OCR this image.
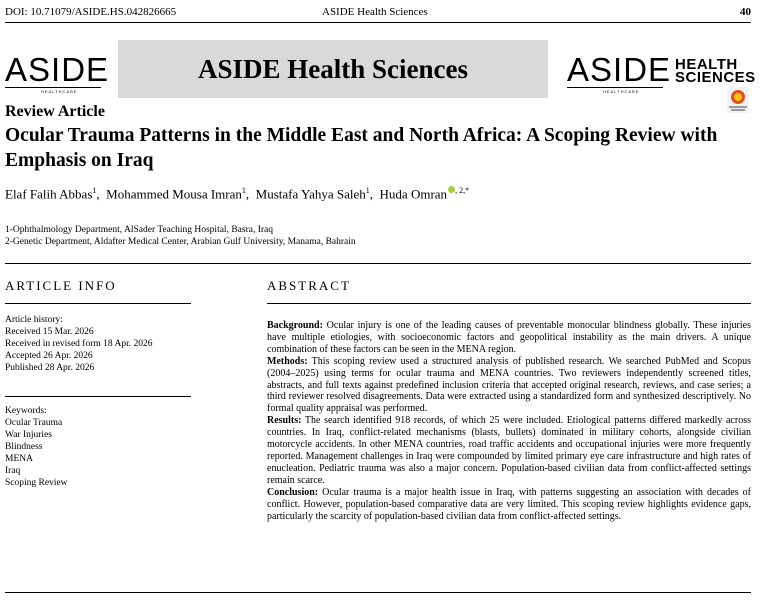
DOI: 10.71079/ASIDE.HS.042826665	ASIDE Health Sciences	40
ASIDE
HEALTHCARE
ASIDE Health Sciences	ASIDE
HEALTHCARE
HEALTH
SCIENCES
Review Article
Ocular Trauma Patterns in the Middle East and North Africa: A Scoping Review with Emphasis on Iraq
Elaf Falih Abbas$^1$,  Mohammed Mousa Imran$^1$,  Mustafa Yahya Saleh$^1$,  Huda Omran $^{, 2,*}$
1-Ophthalmology Department, AlSader Teaching Hospital, Basra, Iraq
2-Genetic Department, Aldafter Medical Center, Arabian Gulf University, Manama, Bahrain
ARTICLE INFO
Article history:
Received 15 Mar. 2026
Received in revised form 18 Apr. 2026
Accepted 26 Apr. 2026
Published 28 Apr. 2026
Keywords:
Ocular Trauma
War Injuries
Blindness
MENA
Iraq
Scoping Review
ABSTRACT

Background: Ocular injury is one of the leading causes of preventable monocular blindness globally. These injuries have multiple etiologies, with socioeconomic factors and geopolitical instability as the main drivers. A unique combination of these factors can be seen in the MENA region.

Methods: This scoping review used a structured analysis of published research. We searched PubMed and Scopus (2004–2025) using terms for ocular trauma and MENA countries. Two reviewers independently screened titles, abstracts, and full texts against predefined inclusion criteria that accepted original research, reviews, and case series; a third reviewer resolved disagreements. Data were extracted using a standardized form and synthesized descriptively. No formal quality appraisal was performed.

Results: The search identified 918 records, of which 25 were included. Etiological patterns differed markedly across countries. In Iraq, conflict-related mechanisms (blasts, bullets) dominated in military cohorts, alongside civilian motorcycle accidents. In other MENA countries, road traffic accidents and occupational injuries were more frequently reported. Management challenges in Iraq were compounded by limited primary eye care infrastructure and high rates of enucleation. Pediatric trauma was also a major concern. Population-based civilian data from conflict-affected settings remain scarce.

Conclusion: Ocular trauma is a major health issue in Iraq, with patterns suggesting an association with decades of conflict. However, population-based comparative data are very limited. This scoping review highlights evidence gaps, particularly the scarcity of population-based civilian data from conflict-affected settings.
